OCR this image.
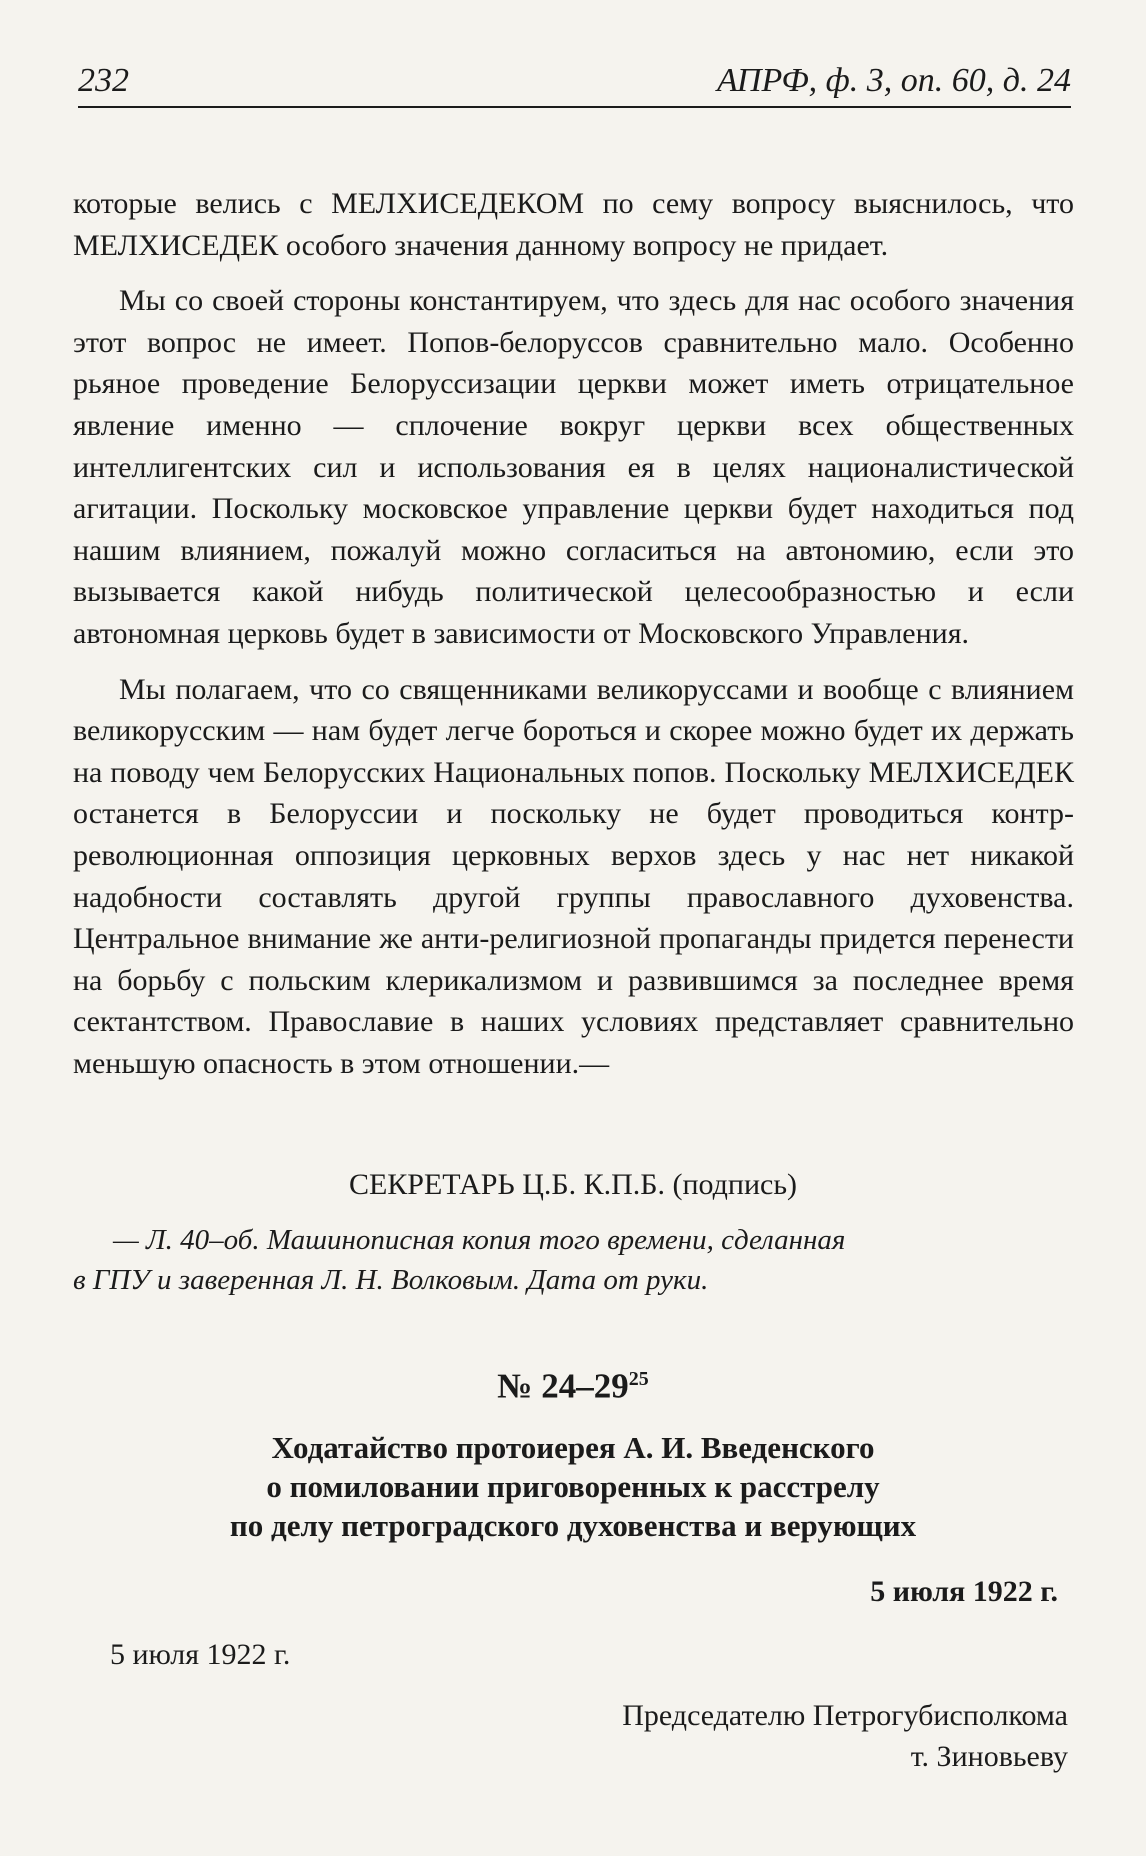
232	АПРФ, ф. 3, оп. 60, д. 24

которые велись с МЕЛХИСЕДЕКОМ по сему вопросу выяснилось, что МЕЛХИСЕДЕК особого значения данному вопросу не придает.

Мы со своей стороны константируем, что здесь для нас особого значения этот вопрос не имеет. Попов-белоруссов сравнительно мало. Особенно рьяное проведение Белоруссизации церкви может иметь отрицательное явление именно — сплочение вокруг церкви всех общественных интеллигентских сил и использования ея в целях националистической агитации. Поскольку московское управление церкви будет находиться под нашим влиянием, пожалуй можно согласиться на автономию, если это вызывается какой нибудь политической целесообразностью и если автономная церковь будет в зависимости от Московского Управления.

Мы полагаем, что со священниками великоруссами и вообще с влиянием великорусским — нам будет легче бороться и скорее можно будет их держать на поводу чем Белорусских Национальных попов. Поскольку МЕЛХИСЕДЕК останется в Белоруссии и поскольку не будет проводиться контр-революционная оппозиция церковных верхов здесь у нас нет никакой надобности составлять другой группы православного духовенства. Центральное внимание же анти-религиозной пропаганды придется перенести на борьбу с польским клерикализмом и развившимся за последнее время сектантством. Православие в наших условиях представляет сравнительно меньшую опасность в этом отношении.—

СЕКРЕТАРЬ Ц.Б. К.П.Б. (подпись)
— Л. 40–об. Машинописная копия того времени, сделанная
в ГПУ и заверенная Л. Н. Волковым. Дата от руки.
№ $24-29^{25}$
Ходатайство протоиерея А. И. Введенского
о помиловании приговоренных к расстрелу
по делу петроградского духовенства и верующих
5 июля 1922 г.
5 июля 1922 г.
Председателю Петрогубисполкома
т. Зиновьеву
